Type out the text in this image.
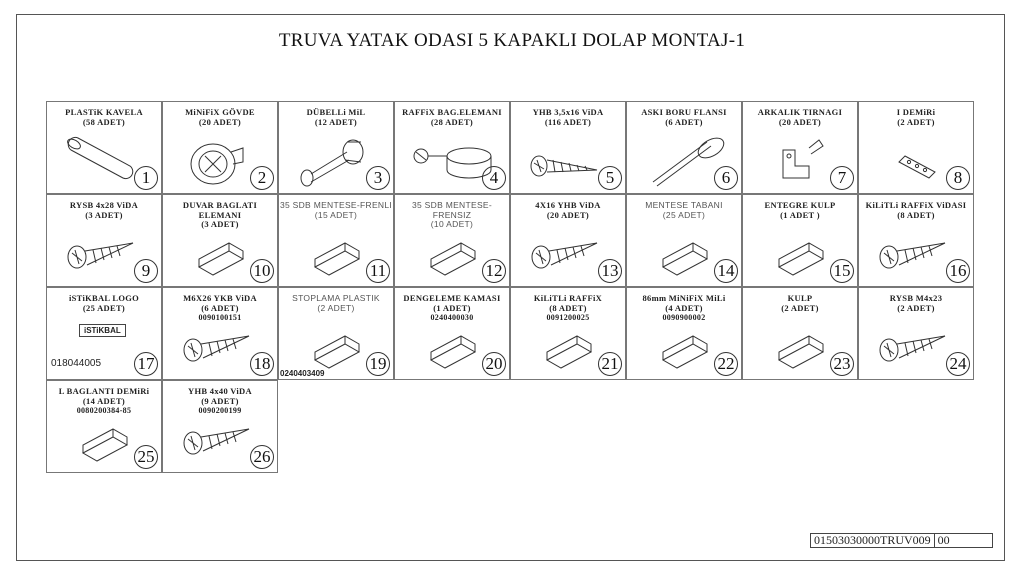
TRUVA YATAK ODASI 5 KAPAKLI DOLAP MONTAJ-1
PLASTiK KAVELA
(58 ADET)
1
MiNiFiX GÖVDE
(20 ADET)
2
DÜBELLi MiL
(12 ADET)
3
RAFFiX BAG.ELEMANI
(28 ADET)
4
YHB 3,5x16 ViDA
(116 ADET)
5
ASKI BORU FLANSI
(6 ADET)
6
ARKALIK TIRNAGI
(20 ADET)
7
I DEMiRi
(2 ADET)
8
RYSB 4x28 ViDA
(3 ADET)
9
DUVAR BAGLATI ELEMANI
(3 ADET)
10
35 SDB MENTESE-FRENLI
(15 ADET)
11
35 SDB MENTESE-FRENSIZ
(10 ADET)
12
4X16 YHB ViDA
(20 ADET)
13
MENTESE TABANI
(25 ADET)
14
ENTEGRE KULP
(1 ADET )
15
KiLiTLi RAFFiX ViDASI
(8 ADET)
16
iSTiKBAL LOGO
(25 ADET)
iSTiKBAL
018044005 17
M6X26 YKB ViDA
(6 ADET)
0090100151
18
STOPLAMA PLASTIK
(2 ADET)
0240403409
19
DENGELEME KAMASI
(1 ADET)
0240400030
20
KiLiTLi RAFFiX
(8 ADET)
0091200025
21
86mm MiNiFiX MiLi
(4 ADET)
0090900002
22
KULP
(2 ADET)
23
RYSB M4x23
(2 ADET)
24
L BAGLANTI DEMiRi
(14 ADET)
0080200384-85
25
YHB 4x40 ViDA
(9 ADET)
0090200199
26
01503030000TRUV009 00
